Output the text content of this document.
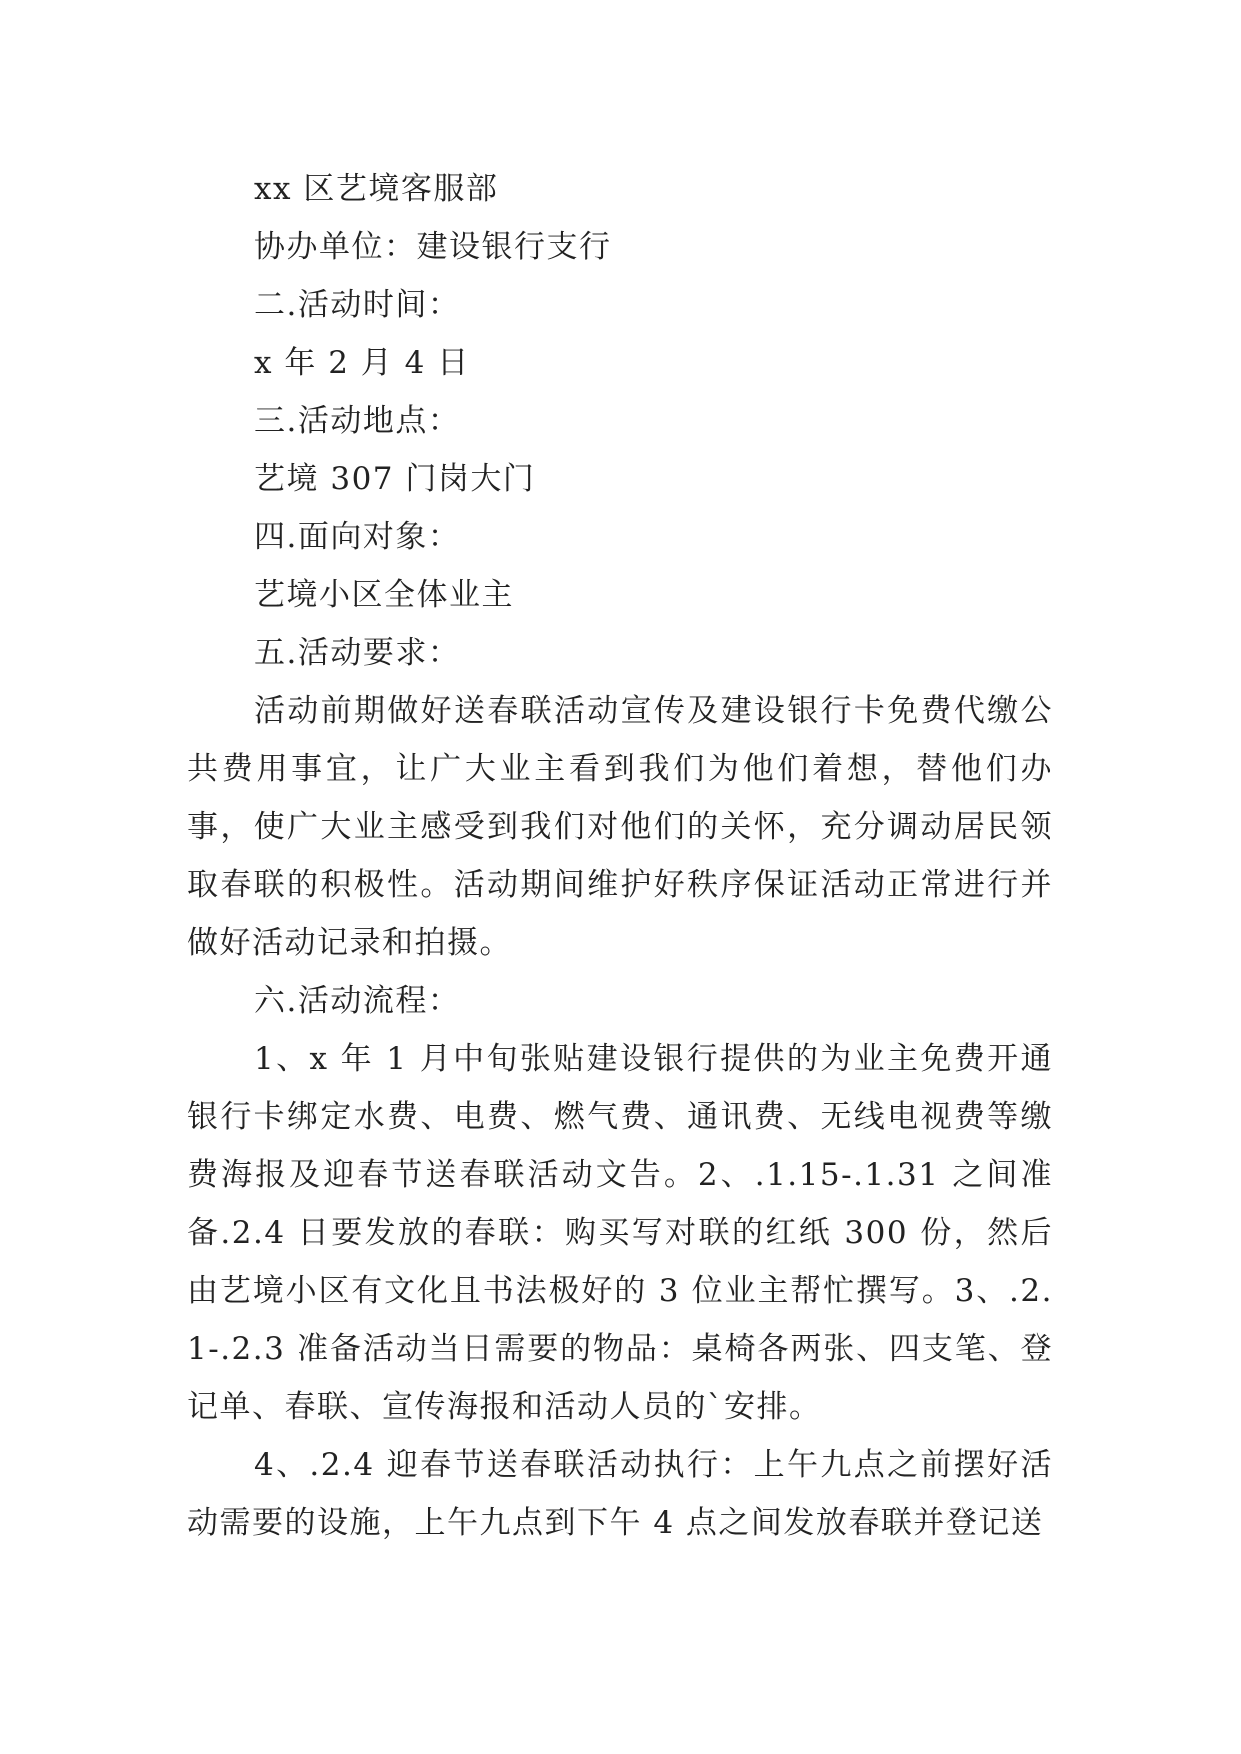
xx 区艺境客服部

协办单位：建设银行支行

二.活动时间：

x 年 2 月 4 日

三.活动地点：

艺境 307 门岗大门

四.面向对象：

艺境小区全体业主

五.活动要求：

活动前期做好送春联活动宣传及建设银行卡免费代缴公共费用事宜，让广大业主看到我们为他们着想，替他们办事，使广大业主感受到我们对他们的关怀，充分调动居民领取春联的积极性。活动期间维护好秩序保证活动正常进行并做好活动记录和拍摄。

六.活动流程：

1、x 年 1 月中旬张贴建设银行提供的为业主免费开通银行卡绑定水费、电费、燃气费、通讯费、无线电视费等缴费海报及迎春节送春联活动文告。2、.1.15-.1.31 之间准备.2.4 日要发放的春联：购买写对联的红纸 300 份，然后由艺境小区有文化且书法极好的 3 位业主帮忙撰写。3、.2.1-.2.3 准备活动当日需要的物品：桌椅各两张、四支笔、登记单、春联、宣传海报和活动人员的`安排。

4、.2.4 迎春节送春联活动执行：上午九点之前摆好活动需要的设施，上午九点到下午 4 点之间发放春联并登记送
